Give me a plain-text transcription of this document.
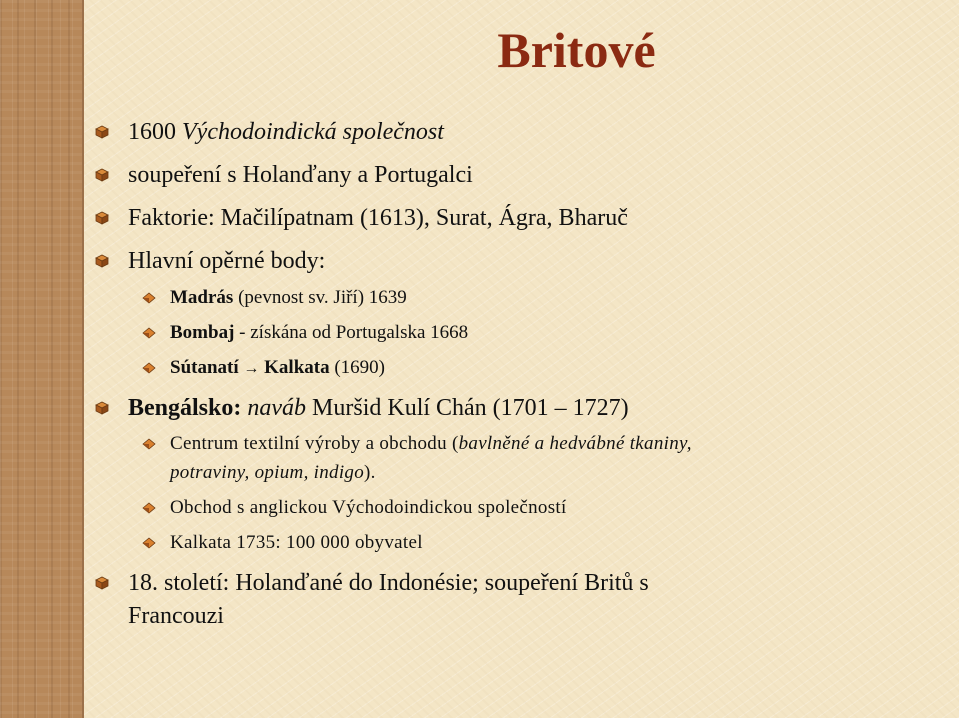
Britové
1600 Východoindická společnost
soupeření s Holanďany a Portugalci
Faktorie: Mačilípatnam (1613), Surat, Ágra, Bharuč
Hlavní opěrné body:
Madrás (pevnost sv. Jiří) 1639
Bombaj - získána od Portugalska 1668
Sútanatí → Kalkata (1690)
Bengálsko: naváb Muršid Kulí Chán (1701 – 1727)
Centrum textilní výroby a obchodu (bavlněné a hedvábné tkaniny,
potraviny, opium, indigo).
Obchod s anglickou Východoindickou společností
Kalkata 1735: 100 000 obyvatel
18. století: Holanďané do Indonésie; soupeření Britů s
Francouzi
